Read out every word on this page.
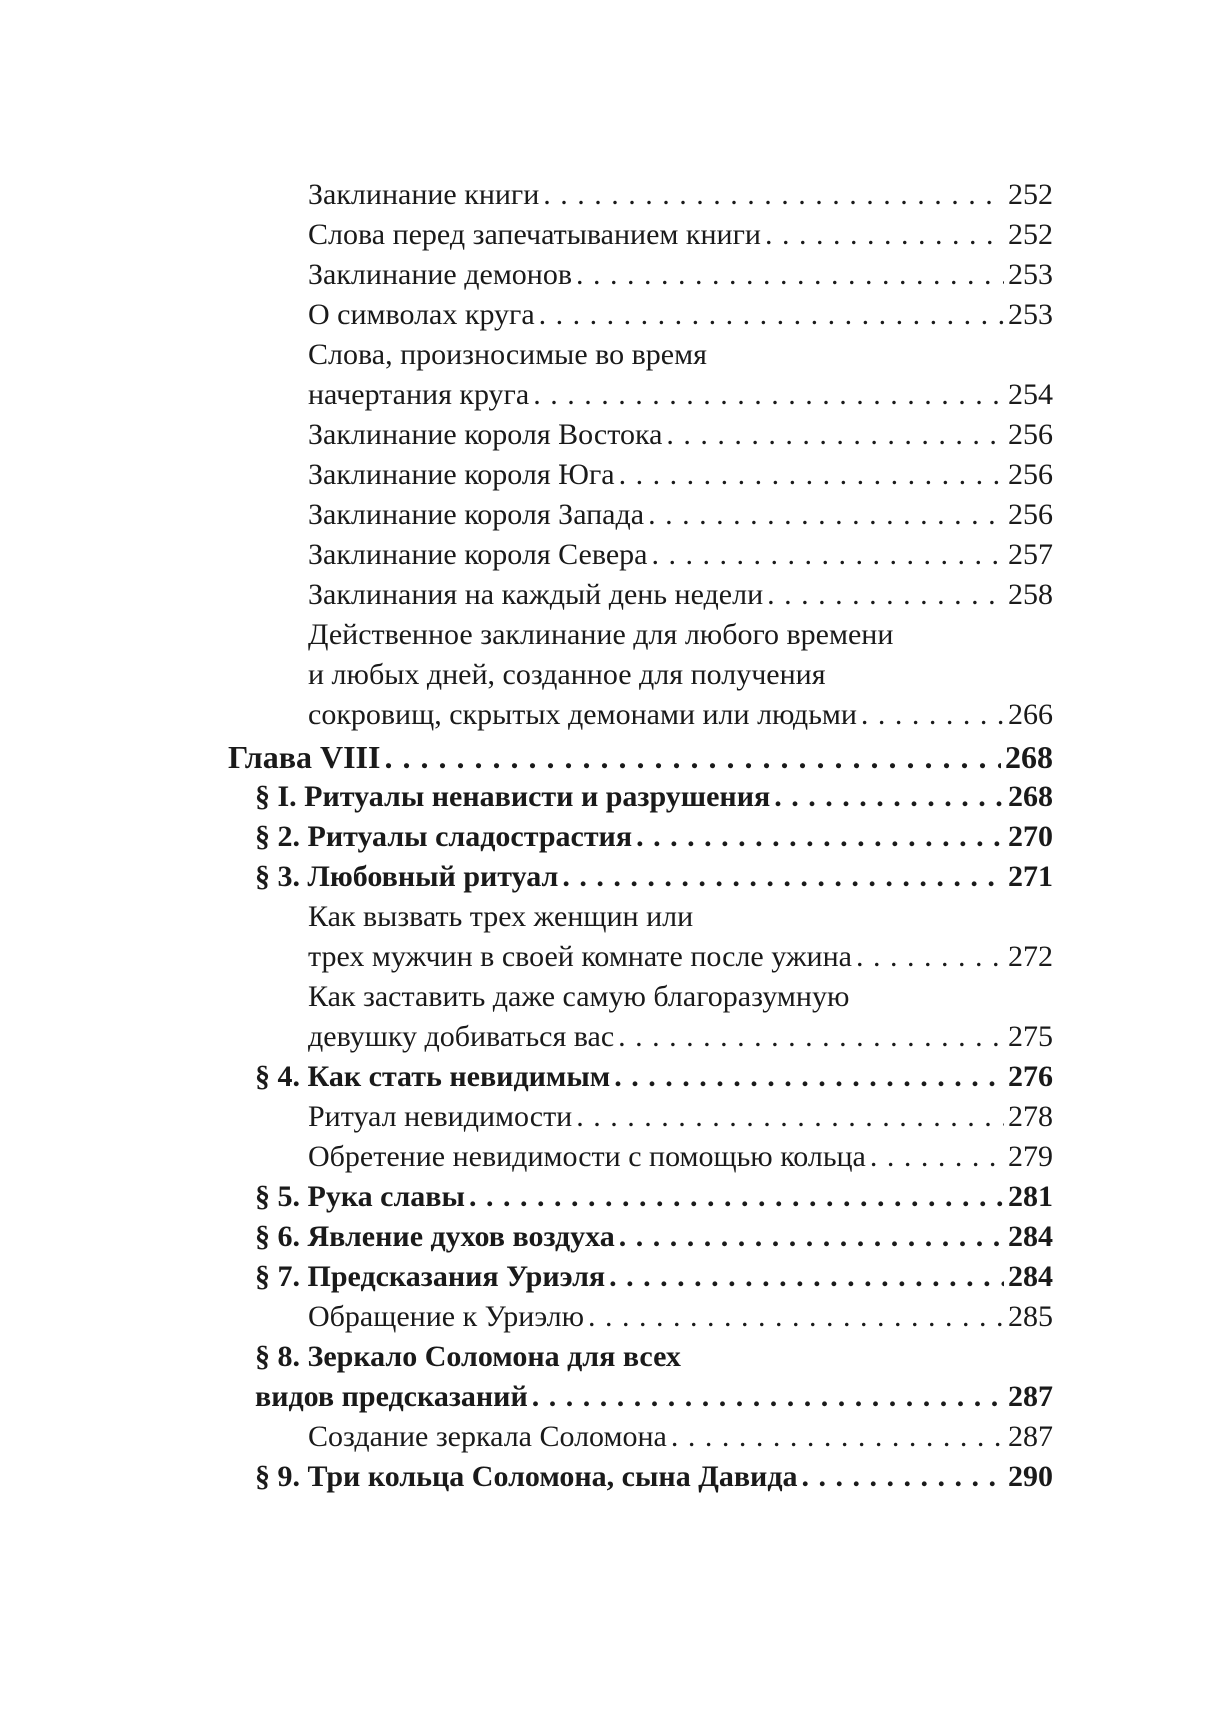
Заклинание книги . . .	252
Слова перед запечатыванием книги . . .	252
Заклинание демонов . . .	253
О символах круга . . .	253
Слова, произносимые во время
начертания круга . . .	254
Заклинание короля Востока . . .	256
Заклинание короля Юга . . .	256
Заклинание короля Запада . . .	256
Заклинание короля Севера . . .	257
Заклинания на каждый день недели . . .	258
Действенное заклинание для любого времени
и любых дней, созданное для получения
сокровищ, скрытых демонами или людьми . . .	266
Глава VIII . . .	268
§ I. Ритуалы ненависти и разрушения . . .	268
§ 2. Ритуалы сладострастия . . .	270
§ 3. Любовный ритуал . . .	271
Как вызвать трех женщин или
трех мужчин в своей комнате после ужина . . .	272
Как заставить даже самую благоразумную
девушку добиваться вас . . .	275
§ 4. Как стать невидимым . . .	276
Ритуал невидимости . . .	278
Обретение невидимости с помощью кольца . . .	279
§ 5. Рука славы . . .	281
§ 6. Явление духов воздуха . . .	284
§ 7. Предсказания Уриэля . . .	284
Обращение к Уриэлю . . .	285
§ 8. Зеркало Соломона для всех
видов предсказаний . . .	287
Создание зеркала Соломона . . .	287
§ 9. Три кольца Соломона, сына Давида . . .	290
